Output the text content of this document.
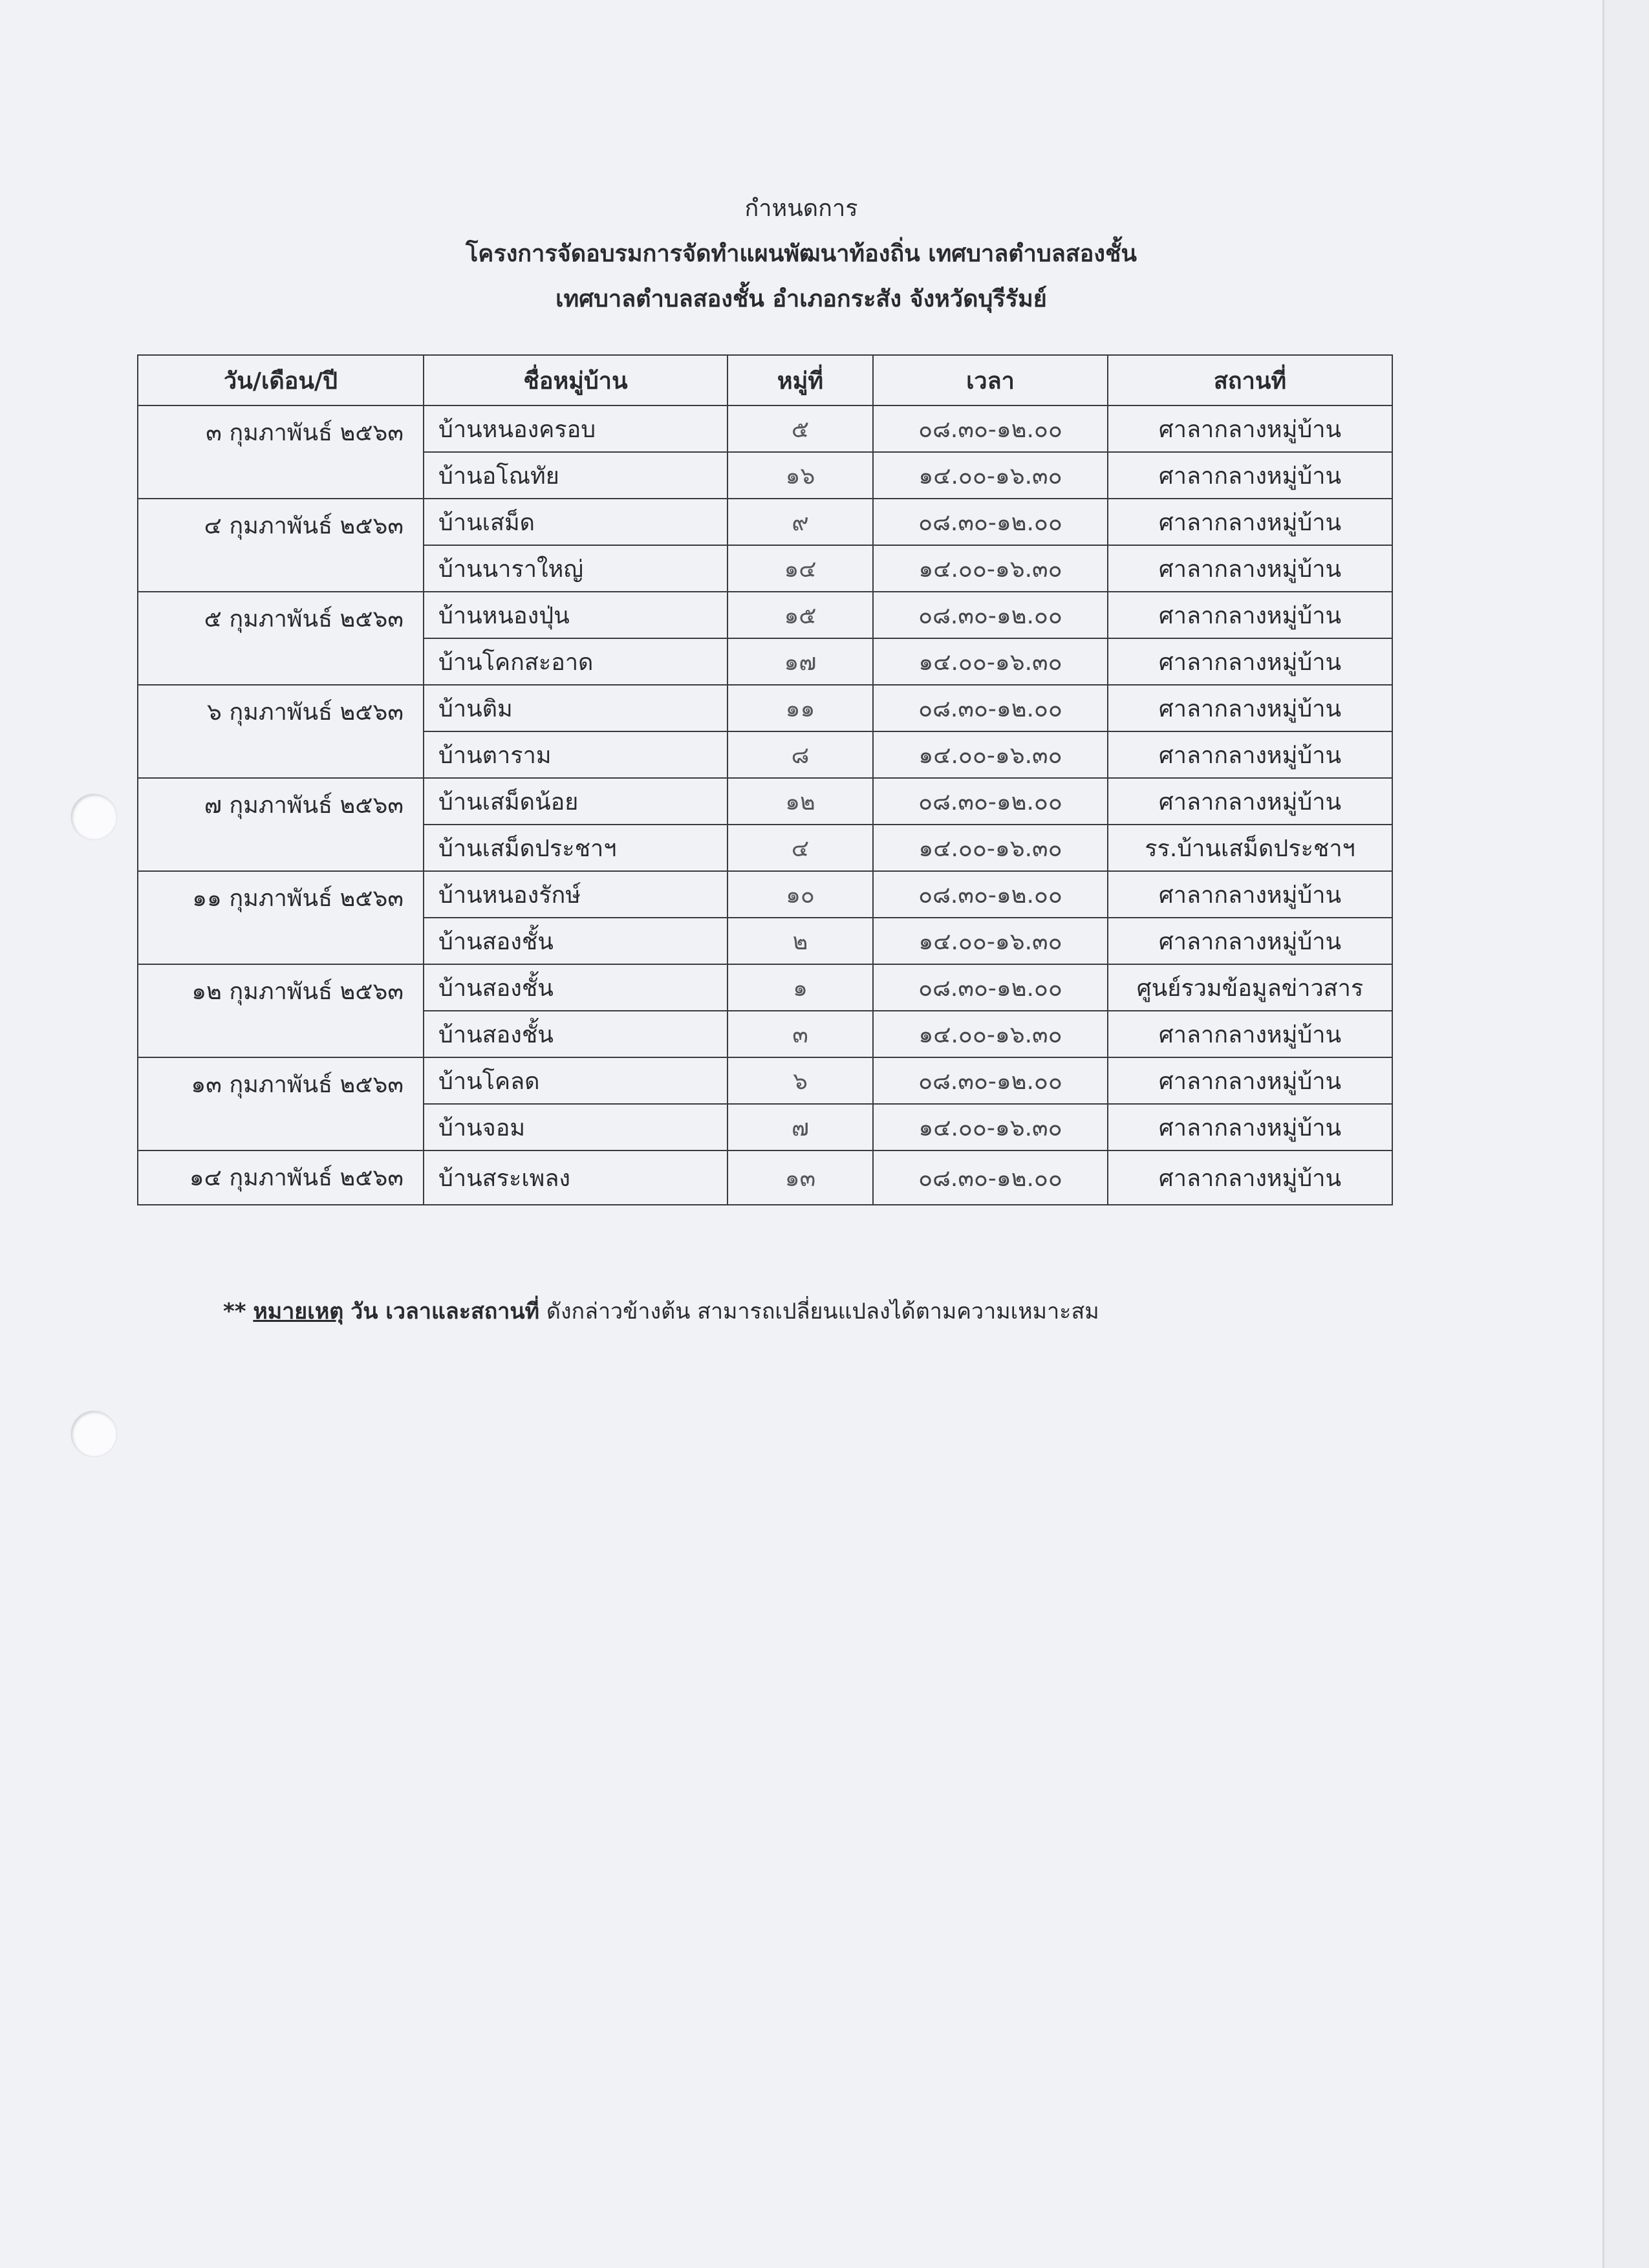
กำหนดการ
โครงการจัดอบรมการจัดทำแผนพัฒนาท้องถิ่น เทศบาลตำบลสองชั้น
เทศบาลตำบลสองชั้น อำเภอกระสัง จังหวัดบุรีรัมย์
วัน/เดือน/ปี	ชื่อหมู่บ้าน	หมู่ที่	เวลา	สถานที่
๓ กุมภาพันธ์ ๒๕๖๓	บ้านหนองครอบ	๕	๐๘.๓๐-๑๒.๐๐	ศาลากลางหมู่บ้าน
	บ้านอโณทัย	๑๖	๑๔.๐๐-๑๖.๓๐	ศาลากลางหมู่บ้าน
๔ กุมภาพันธ์ ๒๕๖๓	บ้านเสม็ด	๙	๐๘.๓๐-๑๒.๐๐	ศาลากลางหมู่บ้าน
	บ้านนาราใหญ่	๑๔	๑๔.๐๐-๑๖.๓๐	ศาลากลางหมู่บ้าน
๕ กุมภาพันธ์ ๒๕๖๓	บ้านหนองปุ่น	๑๕	๐๘.๓๐-๑๒.๐๐	ศาลากลางหมู่บ้าน
	บ้านโคกสะอาด	๑๗	๑๔.๐๐-๑๖.๓๐	ศาลากลางหมู่บ้าน
๖ กุมภาพันธ์ ๒๕๖๓	บ้านติม	๑๑	๐๘.๓๐-๑๒.๐๐	ศาลากลางหมู่บ้าน
	บ้านตาราม	๘	๑๔.๐๐-๑๖.๓๐	ศาลากลางหมู่บ้าน
๗ กุมภาพันธ์ ๒๕๖๓	บ้านเสม็ดน้อย	๑๒	๐๘.๓๐-๑๒.๐๐	ศาลากลางหมู่บ้าน
	บ้านเสม็ดประชาฯ	๔	๑๔.๐๐-๑๖.๓๐	รร.บ้านเสม็ดประชาฯ
๑๑ กุมภาพันธ์ ๒๕๖๓	บ้านหนองรักษ์	๑๐	๐๘.๓๐-๑๒.๐๐	ศาลากลางหมู่บ้าน
	บ้านสองชั้น	๒	๑๔.๐๐-๑๖.๓๐	ศาลากลางหมู่บ้าน
๑๒ กุมภาพันธ์ ๒๕๖๓	บ้านสองชั้น	๑	๐๘.๓๐-๑๒.๐๐	ศูนย์รวมข้อมูลข่าวสาร
	บ้านสองชั้น	๓	๑๔.๐๐-๑๖.๓๐	ศาลากลางหมู่บ้าน
๑๓ กุมภาพันธ์ ๒๕๖๓	บ้านโคลด	๖	๐๘.๓๐-๑๒.๐๐	ศาลากลางหมู่บ้าน
	บ้านจอม	๗	๑๔.๐๐-๑๖.๓๐	ศาลากลางหมู่บ้าน
๑๔ กุมภาพันธ์ ๒๕๖๓	บ้านสระเพลง	๑๓	๐๘.๓๐-๑๒.๐๐	ศาลากลางหมู่บ้าน
** หมายเหตุ วัน เวลาและสถานที่ ดังกล่าวข้างต้น สามารถเปลี่ยนแปลงได้ตามความเหมาะสม
